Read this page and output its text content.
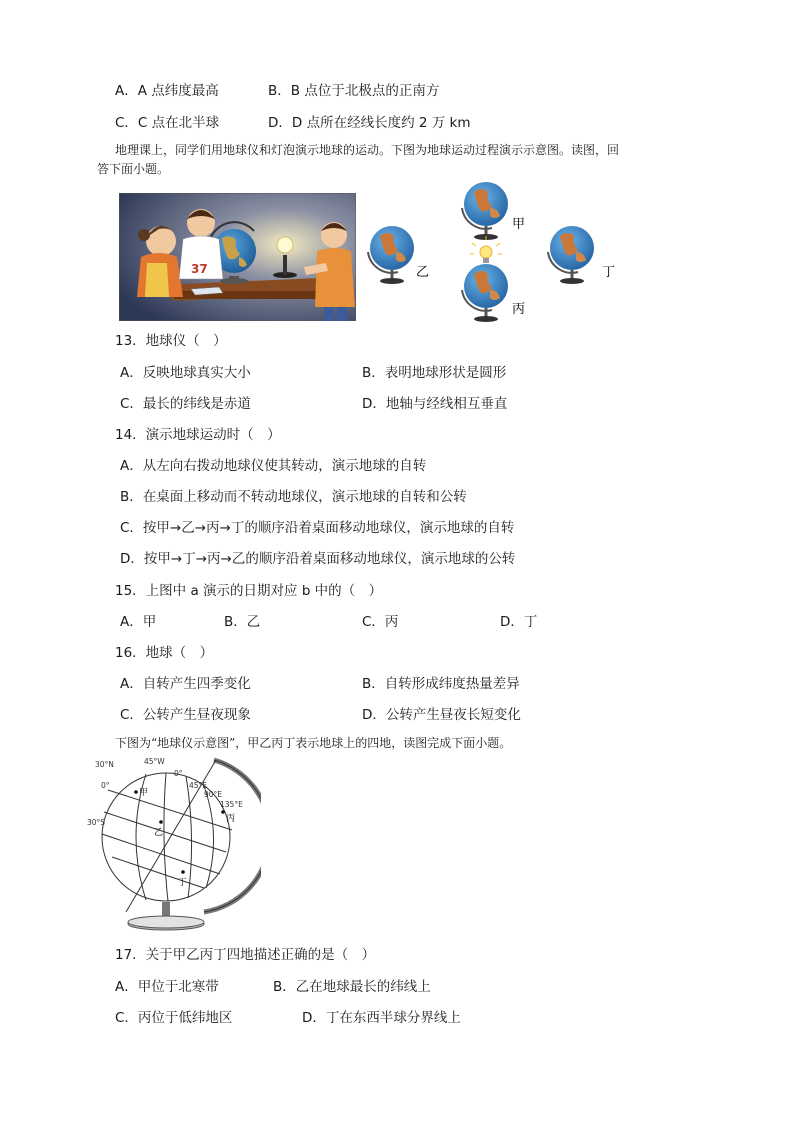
A．A 点纬度最高	B．B 点位于北极点的正南方
C．C 点在北半球	D．D 点所在经线长度约 2 万 km
地理课上，同学们用地球仪和灯泡演示地球的运动。下图为地球运动过程演示示意图。读图，回
答下面小题。
37
甲
乙	丁
丙
13．地球仪（　）
A．反映地球真实大小	B．表明地球形状是圆形
C．最长的纬线是赤道	D．地轴与经线相互垂直
14．演示地球运动时（　）
A．从左向右拨动地球仪使其转动，演示地球的自转
B．在桌面上移动而不转动地球仪，演示地球的自转和公转
C．按甲→乙→丙→丁的顺序沿着桌面移动地球仪，演示地球的自转
D．按甲→丁→丙→乙的顺序沿着桌面移动地球仪，演示地球的公转
15．上图中 a 演示的日期对应 b 中的（　）
A．甲	B．乙	C．丙	D．丁
16．地球（　）
A．自转产生四季变化	B．自转形成纬度热量差异
C．公转产生昼夜现象	D．公转产生昼夜长短变化
下图为“地球仪示意图”，甲乙丙丁表示地球上的四地，读图完成下面小题。
30°N
0°
30°S
45°W
0°
45°E
90°E
135°E
甲
乙
丙
丁
17．关于甲乙丙丁四地描述正确的是（　）
A．甲位于北寒带	B．乙在地球最长的纬线上
C．丙位于低纬地区	D．丁在东西半球分界线上
